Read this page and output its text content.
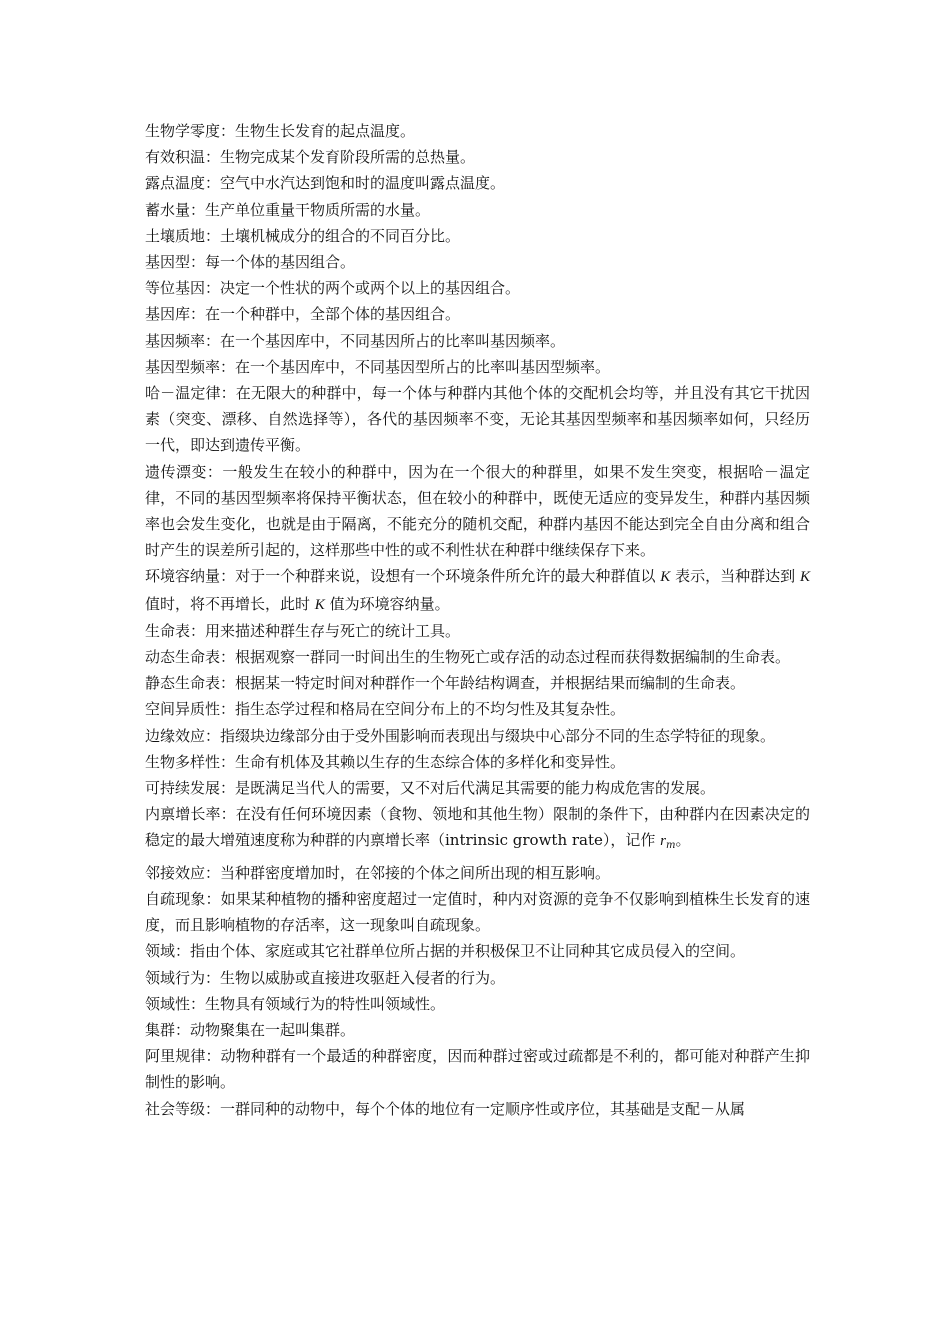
生物学零度：生物生长发育的起点温度。

有效积温：生物完成某个发育阶段所需的总热量。

露点温度：空气中水汽达到饱和时的温度叫露点温度。

蓄水量：生产单位重量干物质所需的水量。

土壤质地：土壤机械成分的组合的不同百分比。

基因型：每一个体的基因组合。

等位基因：决定一个性状的两个或两个以上的基因组合。

基因库：在一个种群中，全部个体的基因组合。

基因频率：在一个基因库中，不同基因所占的比率叫基因频率。

基因型频率：在一个基因库中，不同基因型所占的比率叫基因型频率。

哈－温定律：在无限大的种群中，每一个体与种群内其他个体的交配机会均等，并且没有其它干扰因素（突变、漂移、自然选择等），各代的基因频率不变，无论其基因型频率和基因频率如何，只经历一代，即达到遗传平衡。

遗传漂变：一般发生在较小的种群中，因为在一个很大的种群里，如果不发生突变，根据哈－温定律，不同的基因型频率将保持平衡状态，但在较小的种群中，既使无适应的变异发生，种群内基因频率也会发生变化，也就是由于隔离，不能充分的随机交配，种群内基因不能达到完全自由分离和组合时产生的误差所引起的，这样那些中性的或不利性状在种群中继续保存下来。

环境容纳量：对于一个种群来说，设想有一个环境条件所允许的最大种群值以 K 表示，当种群达到 K 值时，将不再增长，此时 K 值为环境容纳量。

生命表：用来描述种群生存与死亡的统计工具。

动态生命表：根据观察一群同一时间出生的生物死亡或存活的动态过程而获得数据编制的生命表。

静态生命表：根据某一特定时间对种群作一个年龄结构调查，并根据结果而编制的生命表。

空间异质性：指生态学过程和格局在空间分布上的不均匀性及其复杂性。

边缘效应：指缀块边缘部分由于受外围影响而表现出与缀块中心部分不同的生态学特征的现象。

生物多样性：生命有机体及其赖以生存的生态综合体的多样化和变异性。

可持续发展：是既满足当代人的需要，又不对后代满足其需要的能力构成危害的发展。

内禀增长率：在没有任何环境因素（食物、领地和其他生物）限制的条件下，由种群内在因素决定的稳定的最大增殖速度称为种群的内禀增长率（intrinsic growth rate），记作 $r_m$。

邻接效应：当种群密度增加时，在邻接的个体之间所出现的相互影响。

自疏现象：如果某种植物的播种密度超过一定值时，种内对资源的竞争不仅影响到植株生长发育的速度，而且影响植物的存活率，这一现象叫自疏现象。

领域：指由个体、家庭或其它社群单位所占据的并积极保卫不让同种其它成员侵入的空间。

领域行为：生物以威胁或直接进攻驱赶入侵者的行为。

领域性：生物具有领域行为的特性叫领域性。

集群：动物聚集在一起叫集群。

阿里规律：动物种群有一个最适的种群密度，因而种群过密或过疏都是不利的，都可能对种群产生抑制性的影响。

社会等级：一群同种的动物中，每个个体的地位有一定顺序性或序位，其基础是支配－从属
